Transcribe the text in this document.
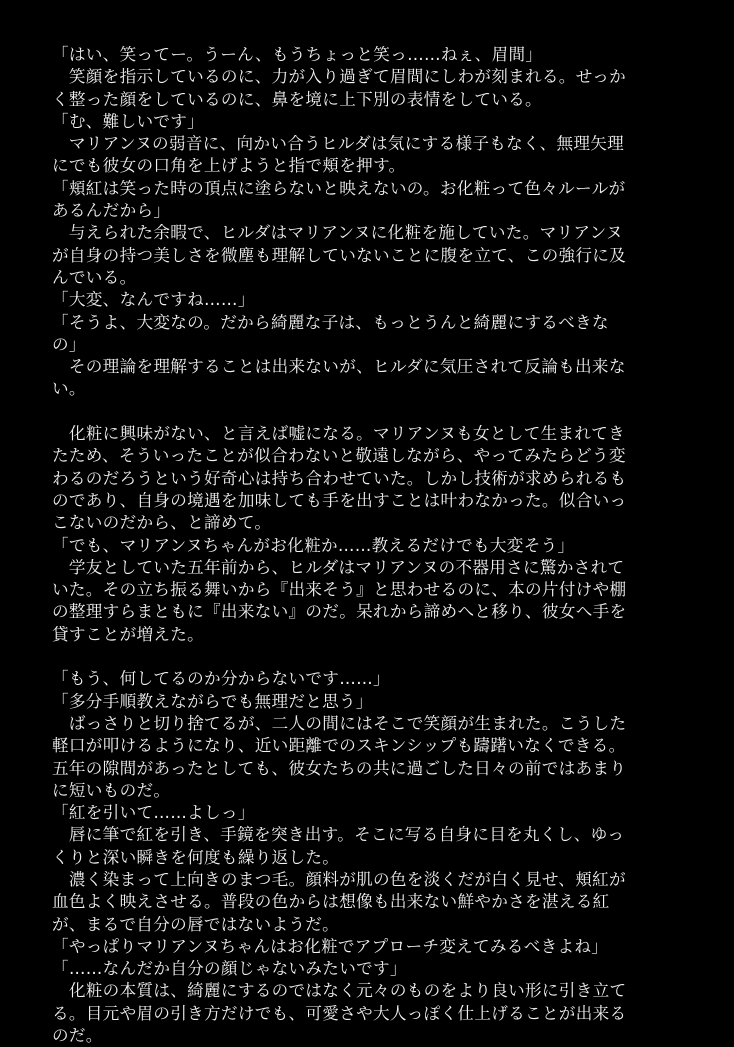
「はい、笑ってー。うーん、もうちょっと笑っ……ねぇ、眉間」
　笑顔を指示しているのに、力が入り過ぎて眉間にしわが刻まれる。せっか
く整った顔をしているのに、鼻を境に上下別の表情をしている。
「む、難しいです」
　マリアンヌの弱音に、向かい合うヒルダは気にする様子もなく、無理矢理
にでも彼女の口角を上げようと指で頬を押す。
「頬紅は笑った時の頂点に塗らないと映えないの。お化粧って色々ルールが
あるんだから」
　与えられた余暇で、ヒルダはマリアンヌに化粧を施していた。マリアンヌ
が自身の持つ美しさを微塵も理解していないことに腹を立て、この強行に及
んでいる。
「大変、なんですね……」
「そうよ、大変なの。だから綺麗な子は、もっとうんと綺麗にするべきな
の」
　その理論を理解することは出来ないが、ヒルダに気圧されて反論も出来な
い。
　化粧に興味がない、と言えば嘘になる。マリアンヌも女として生まれてき
たため、そういったことが似合わないと敬遠しながら、やってみたらどう変
わるのだろうという好奇心は持ち合わせていた。しかし技術が求められるも
のであり、自身の境遇を加味しても手を出すことは叶わなかった。似合いっ
こないのだから、と諦めて。
「でも、マリアンヌちゃんがお化粧か……教えるだけでも大変そう」
　学友としていた五年前から、ヒルダはマリアンヌの不器用さに驚かされて
いた。その立ち振る舞いから『出来そう』と思わせるのに、本の片付けや棚
の整理すらまともに『出来ない』のだ。呆れから諦めへと移り、彼女へ手を
貸すことが増えた。
「もう、何してるのか分からないです……」
「多分手順教えながらでも無理だと思う」
　ばっさりと切り捨てるが、二人の間にはそこで笑顔が生まれた。こうした
軽口が叩けるようになり、近い距離でのスキンシップも躊躇いなくできる。
五年の隙間があったとしても、彼女たちの共に過ごした日々の前ではあまり
に短いものだ。
「紅を引いて……よしっ」
　唇に筆で紅を引き、手鏡を突き出す。そこに写る自身に目を丸くし、ゆっ
くりと深い瞬きを何度も繰り返した。
　濃く染まって上向きのまつ毛。顔料が肌の色を淡くだが白く見せ、頬紅が
血色よく映えさせる。普段の色からは想像も出来ない鮮やかさを湛える紅
が、まるで自分の唇ではないようだ。
「やっぱりマリアンヌちゃんはお化粧でアプローチ変えてみるべきよね」
「……なんだか自分の顔じゃないみたいです」
　化粧の本質は、綺麗にするのではなく元々のものをより良い形に引き立て
る。目元や眉の引き方だけでも、可愛さや大人っぽく仕上げることが出来る
のだ。
